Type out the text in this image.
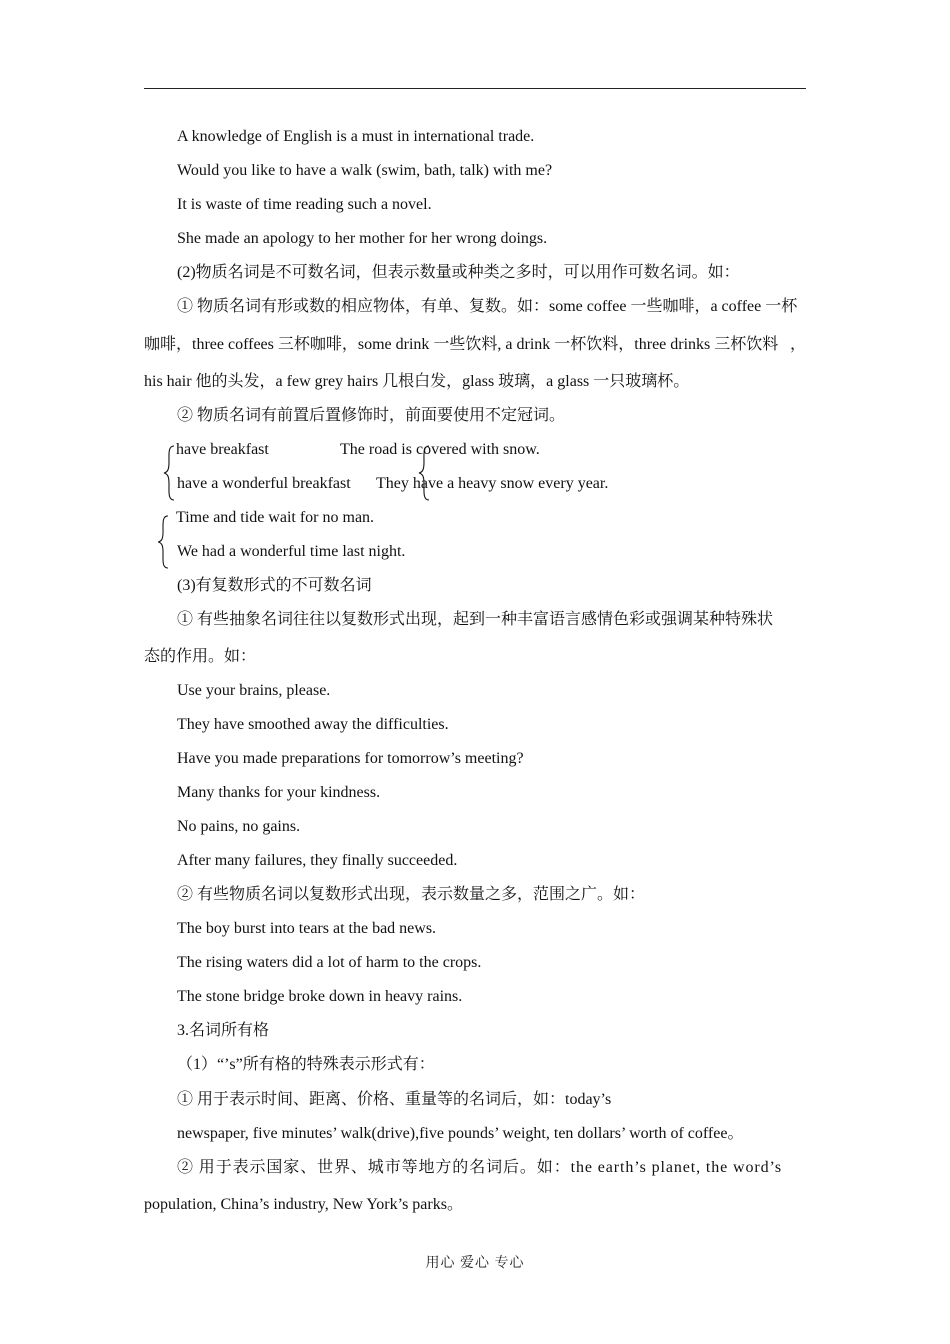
A knowledge of English is a must in international trade.
Would you like to have a walk (swim, bath, talk) with me?
It is waste of time reading such a novel.
She made an apology to her mother for her wrong doings.
(2)物质名词是不可数名词，但表示数量或种类之多时，可以用作可数名词。如：
① 物质名词有形或数的相应物体，有单、复数。如：some coffee 一些咖啡，a coffee 一杯
咖啡，three coffees 三杯咖啡，some drink 一些饮料, a drink 一杯饮料，three drinks 三杯饮料 ，
his hair 他的头发，a few grey hairs 几根白发，glass 玻璃，a glass 一只玻璃杯。
② 物质名词有前置后置修饰时，前面要使用不定冠词。
have breakfast	The road is covered with snow.
have a wonderful breakfast They have a heavy snow every year.
Time and tide wait for no man.
We had a wonderful time last night.
(3)有复数形式的不可数名词
① 有些抽象名词往往以复数形式出现，起到一种丰富语言感情色彩或强调某种特殊状
态的作用。如：
Use your brains, please.
They have smoothed away the difficulties.
Have you made preparations for tomorrow’s meeting?
Many thanks for your kindness.
No pains, no gains.
After many failures, they finally succeeded.
② 有些物质名词以复数形式出现，表示数量之多，范围之广。如：
The boy burst into tears at the bad news.
The rising waters did a lot of harm to the crops.
The stone bridge broke down in heavy rains.
3.名词所有格
（1）“’s”所有格的特殊表示形式有：
① 用于表示时间、距离、价格、重量等的名词后，如：today’s
newspaper, five minutes’ walk(drive),five pounds’ weight, ten dollars’ worth of coffee。
② 用于表示国家、世界、城市等地方的名词后。如：the earth’s planet, the word’s
population, China’s industry, New York’s parks。
用心 爱心 专心
